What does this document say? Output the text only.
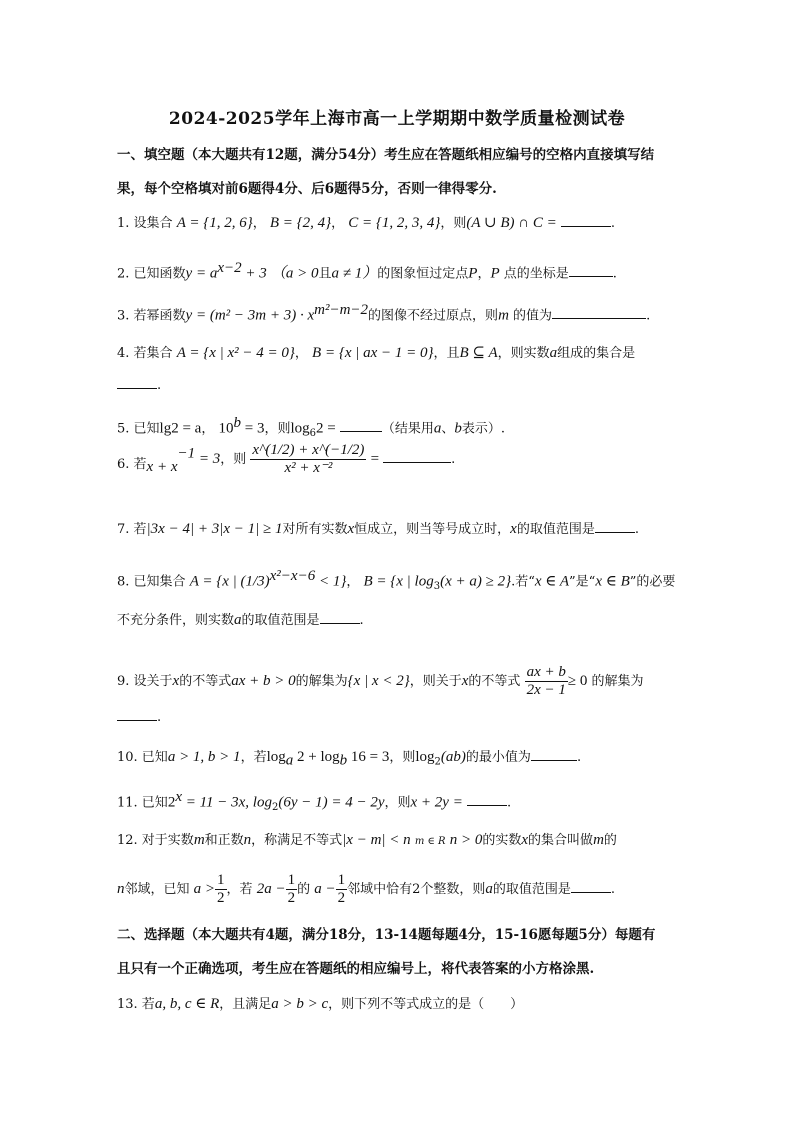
2024-2025学年上海市高一上学期期中数学质量检测试卷
一、填空题（本大题共有12题，满分54分）考生应在答题纸相应编号的空格内直接填写结
果，每个空格填对前6题得4分、后6题得5分，否则一律得零分.
1. 设集合 A = {1, 2, 6}， B = {2, 4}， C = {1, 2, 3, 4}，则(A ∪ B) ∩ C =	.
2. 已知函数$y = a^{x-2} + 3$ （a > 0且a ≠ 1）的图象恒过定点P，P 点的坐标是	.
3. 若幂函数$y = (m^2 - 3m + 3) \cdot x^{m^2-m-2}$的图像不经过原点，则m 的值为	.
4. 若集合 A = {x | x² − 4 = 0}， B = {x | ax − 1 = 0}，且B ⊆ A，则实数a组成的集合是
.
5. 已知lg2 = a， $10^b = 3$，则$\log_62$ =	（结果用a、b表示）.
6. 若$x + x^{-1} = 3$，则 $\frac{x\^{}(1/2) + x\^{}(-1/2)}{\text{x² + x⁻²}}$ =	.
7. 若|3x − 4| + 3|x − 1| ≥ 1对所有实数x恒成立，则当等号成立时，x的取值范围是	.
8. 已知集合 A = {x | $(1/3)^{x^2-x-6} < 1$}， B = {x | $\log_3(x + a) \ge 2$}.若“x ∈ A”是“x ∈ B”的必要
不充分条件，则实数a的取值范围是	.
9. 设关于x的不等式ax + b > 0的解集为{x | x < 2}，则关于x的不等式 $\frac{ax + b}{2x - 1} \ge 0$ 的解集为
.
10. 已知a > 1, b > 1，若$\log_a 2 + \log_b 16 = 3$，则$\log_2(ab)$的最小值为	.
11. 已知$2^x = 11 - 3x$, $\log_2(6y - 1) = 4 - 2y$，则x + 2y =	.
12. 对于实数m和正数n，称满足不等式|x − m| < n m ∈ R n > 0的实数x的集合叫做m的
n邻域，已知 $a > \frac{1}{2}$ ，若 $2a - \frac{1}{2}$ 的 $a - \frac{1}{2}$ 邻域中恰有2个整数，则a的取值范围是	.
二、选择题（本大题共有4题，满分18分，13-14题每题4分，15-16愿每题5分）每题有
且只有一个正确选项，考生应在答题纸的相应编号上，将代表答案的小方格涂黑.
13. 若a, b, c ∈ R，且满足a > b > c，则下列不等式成立的是（　　）
